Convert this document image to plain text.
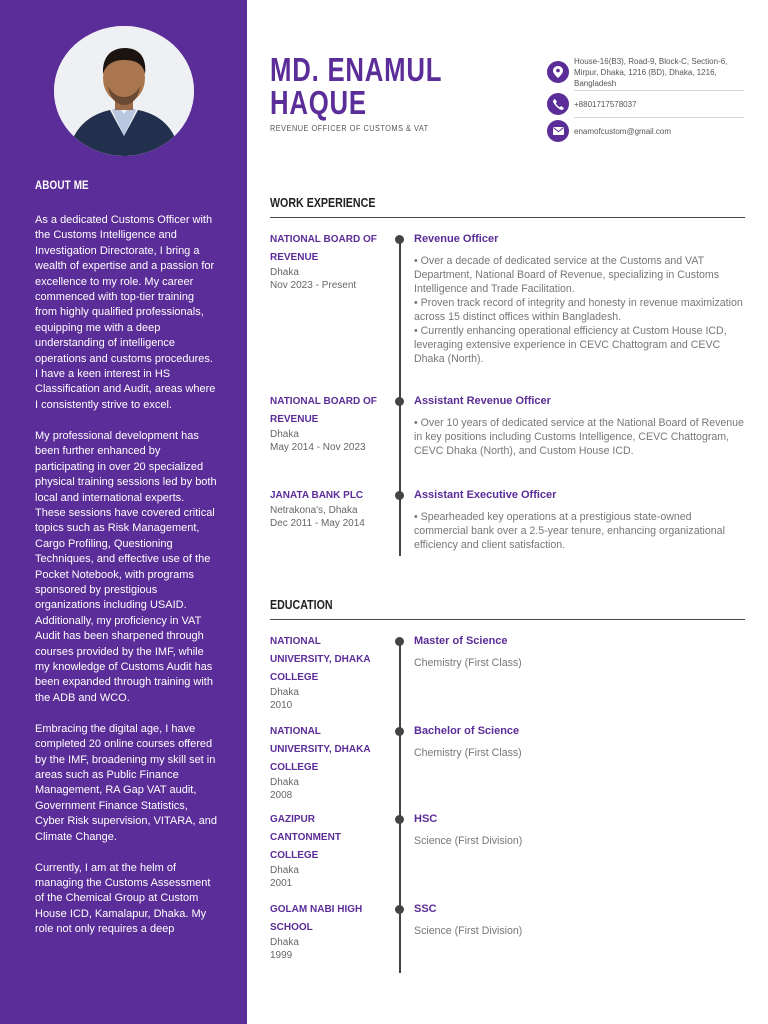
ABOUT ME

As a dedicated Customs Officer with the Customs Intelligence and Investigation Directorate, I bring a wealth of expertise and a passion for excellence to my role. My career commenced with top-tier training from highly qualified professionals, equipping me with a deep understanding of intelligence operations and customs procedures. I have a keen interest in HS Classification and Audit, areas where I consistently strive to excel.

My professional development has been further enhanced by participating in over 20 specialized physical training sessions led by both local and international experts. These sessions have covered critical topics such as Risk Management, Cargo Profiling, Questioning Techniques, and effective use of the Pocket Notebook, with programs sponsored by prestigious organizations including USAID. Additionally, my proficiency in VAT Audit has been sharpened through courses provided by the IMF, while my knowledge of Customs Audit has been expanded through training with the ADB and WCO.

Embracing the digital age, I have completed 20 online courses offered by the IMF, broadening my skill set in areas such as Public Finance Management, RA Gap VAT audit, Government Finance Statistics, Cyber Risk supervision, VITARA, and Climate Change.

Currently, I am at the helm of managing the Customs Assessment of the Chemical Group at Custom House ICD, Kamalapur, Dhaka. My role not only requires a deep

MD. ENAMUL
HAQUE
REVENUE OFFICER OF CUSTOMS & VAT
House-16(B3), Road-9, Block-C, Section-6, Mirpur, Dhaka, 1216 (BD), Dhaka, 1216, Bangladesh
+8801717578037
enamofcustom@gmail.com
WORK EXPERIENCE
NATIONAL BOARD OF REVENUE
Dhaka
Nov 2023 - Present
Revenue Officer
• Over a decade of dedicated service at the Customs and VAT Department, National Board of Revenue, specializing in Customs Intelligence and Trade Facilitation.
• Proven track record of integrity and honesty in revenue maximization across 15 distinct offices within Bangladesh.
• Currently enhancing operational efficiency at Custom House ICD, leveraging extensive experience in CEVC Chattogram and CEVC Dhaka (North).
NATIONAL BOARD OF REVENUE
Dhaka
May 2014 - Nov 2023
Assistant Revenue Officer
• Over 10 years of dedicated service at the National Board of Revenue in key positions including Customs Intelligence, CEVC Chattogram, CEVC Dhaka (North), and Custom House ICD.
JANATA BANK PLC
Netrakona's, Dhaka
Dec 2011 - May 2014
Assistant Executive Officer
• Spearheaded key operations at a prestigious state-owned commercial bank over a 2.5-year tenure, enhancing organizational efficiency and client satisfaction.
EDUCATION
NATIONAL UNIVERSITY, DHAKA COLLEGE
Dhaka
2010
Master of Science
Chemistry (First Class)
NATIONAL UNIVERSITY, DHAKA COLLEGE
Dhaka
2008
Bachelor of Science
Chemistry (First Class)
GAZIPUR CANTONMENT COLLEGE
Dhaka
2001
HSC
Science (First Division)
GOLAM NABI HIGH SCHOOL
Dhaka
1999
SSC
Science (First Division)
